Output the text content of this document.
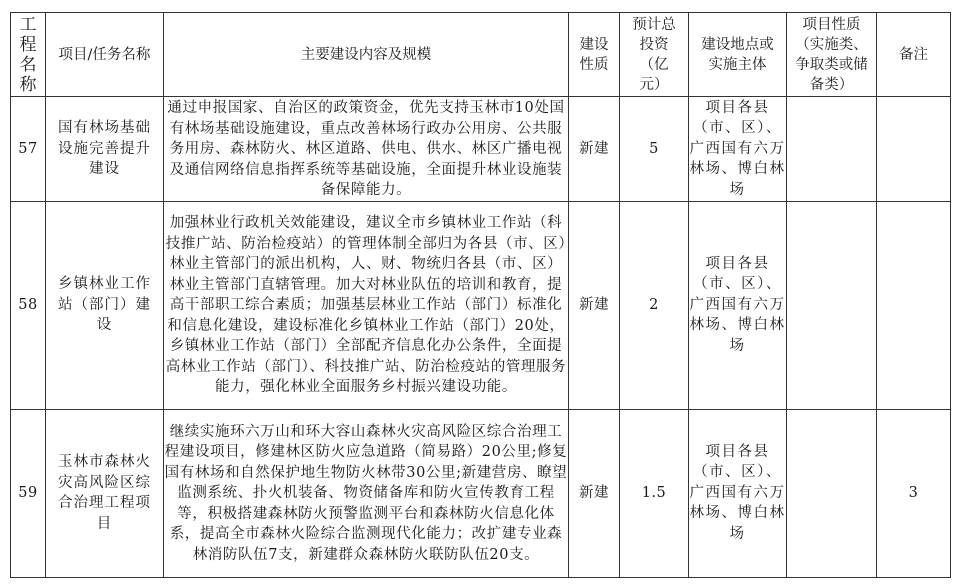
工程名称	项目/任务名称	主要建设内容及规模	建设性质	预计总投资（亿元）	建设地点或实施主体	项目性质（实施类、争取类或储备类）	备注
57	国有林场基础设施完善提升建设	通过申报国家、自治区的政策资金，优先支持玉林市10处国有林场基础设施建设，重点改善林场行政办公用房、公共服务用房、森林防火、林区道路、供电、供水、林区广播电视及通信网络信息指挥系统等基础设施，全面提升林业设施装备保障能力。	新建	5	项目各县（市、区）、广西国有六万林场、博白林场		
58	乡镇林业工作站（部门）建设	加强林业行政机关效能建设，建议全市乡镇林业工作站（科技推广站、防治检疫站）的管理体制全部归为各县（市、区）林业主管部门的派出机构，人、财、物统归各县（市、区）林业主管部门直辖管理。加大对林业队伍的培训和教育，提高干部职工综合素质；加强基层林业工作站（部门）标准化和信息化建设，建设标准化乡镇林业工作站（部门）20处，乡镇林业工作站（部门）全部配齐信息化办公条件，全面提高林业工作站（部门）、科技推广站、防治检疫站的管理服务能力，强化林业全面服务乡村振兴建设功能。	新建	2	项目各县（市、区）、广西国有六万林场、博白林场		
59	玉林市森林火灾高风险区综合治理工程项目	继续实施环六万山和环大容山森林火灾高风险区综合治理工程建设项目，修建林区防火应急道路（简易路）20公里;修复国有林场和自然保护地生物防火林带30公里;新建营房、瞭望监测系统、扑火机装备、物资储备库和防火宣传教育工程等，积极搭建森林防火预警监测平台和森林防火信息化体系，提高全市森林火险综合监测现代化能力；改扩建专业森林消防队伍7支，新建群众森林防火联防队伍20支。	新建	1.5	项目各县（市、区）、广西国有六万林场、博白林场		3
